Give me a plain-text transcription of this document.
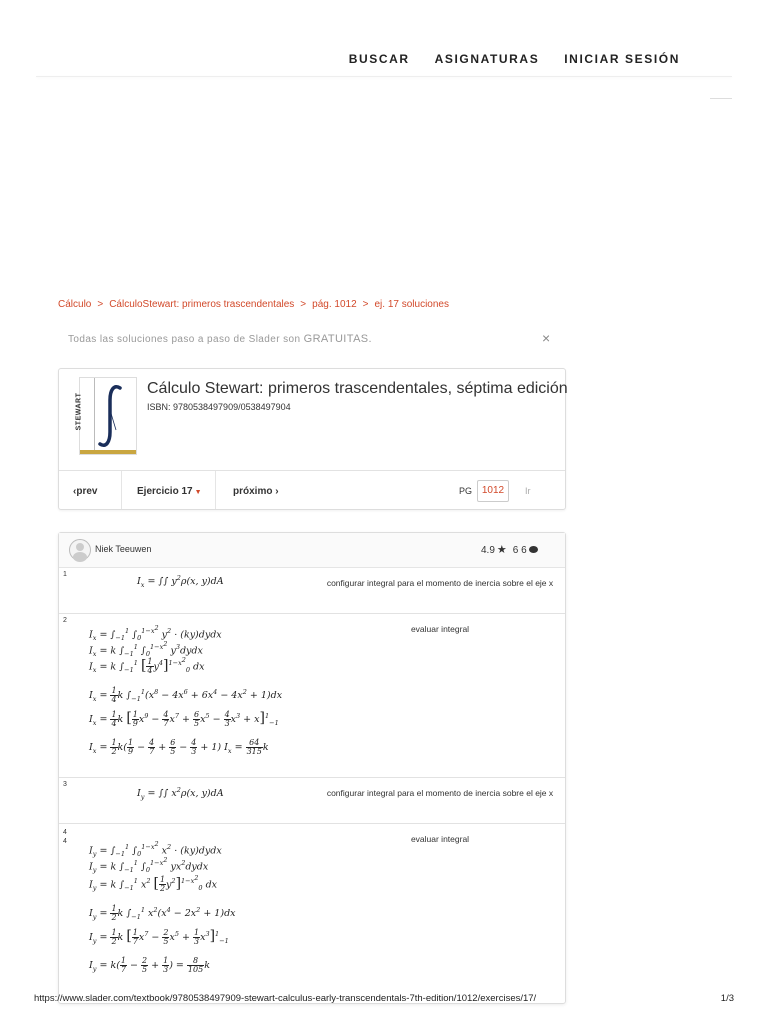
BUSCAR ASIGNATURAS INICIAR SESIÓN
Cálculo > CálculoStewart: primeros trascendentales > pág. 1012 > ej. 17 soluciones
Todas las soluciones paso a paso de Slader son GRATUITAS.	×
STEWART
Cálculo Stewart: primeros trascendentales, séptima edición
ISBN: 9780538497909/0538497904
‹prev	Ejercicio 17 ▼	próximo ›	PG 1012	Ir
Niek Teeuwen	4.9 ★ 6 6
1
$I_x$ = ∫∫ $y^2\rho(x$, y)dA	configurar integral para el momento de inercia sobre el eje x
2
$I_x = \int_{-1}^1$ $\int_0^{1-x^2}$ $y^2$ · (ky)dydx
$I_x = k$ $\int_{-1}^1$ $\int_0^{1-x^2}$ $y^3dydx$
$I_x = k$ $\int_{-1}^1$ [ $\frac{1}{4} y^4]^{1-x^2}_0$ dx
$I_x = \frac{1}{4}$ k $\int_{-1}^1(x^8 - 4x^6 + 6x^4 - 4x^2 + 1)dx$
$I_x = \frac{1}{4}$ k [ $\frac{1}{9} x^9 - \frac{4}{7} x^7 + \frac{6}{5} x^5 - \frac{4}{3} x^3 + x]^1_{-1}$
$I_x = \frac{1}{2} k( \frac{1}{9} - \frac{4}{7} + \frac{6}{5} - \frac{4}{3} + 1) I_x = \frac{64}{315}$ k
evaluar integral
3
$I_y$ = ∫∫ $x^2\rho(x$, y)dA	configurar integral para el momento de inercia sobre el eje x
4
4
$I_y = \int_{-1}^1$ $\int_0^{1-x^2}$ $x^2$ · (ky)dydx
$I_y = k$ $\int_{-1}^1$ $\int_0^{1-x^2}$ $yx^2dydx$
$I_y = k$ $\int_{-1}^1$ $x^2$ [ $\frac{1}{2} y^2]^{1-x^2}_0$ dx
$I_y = \frac{1}{2}$ k $\int_{-1}^1$ $x^2(x^4 - 2x^2 + 1)dx$
$I_y = \frac{1}{2}$ k [ $\frac{1}{7} x^7 - \frac{2}{5} x^5 + \frac{1}{3} x^3]^1_{-1}$
$I_y = k( \frac{1}{7} - \frac{2}{5} + \frac{1}{3}$ ) = $\frac{8}{105}$ k
evaluar integral
https://www.slader.com/textbook/9780538497909-stewart-calculus-early-transcendentals-7th-edition/1012/exercises/17/	1/3
